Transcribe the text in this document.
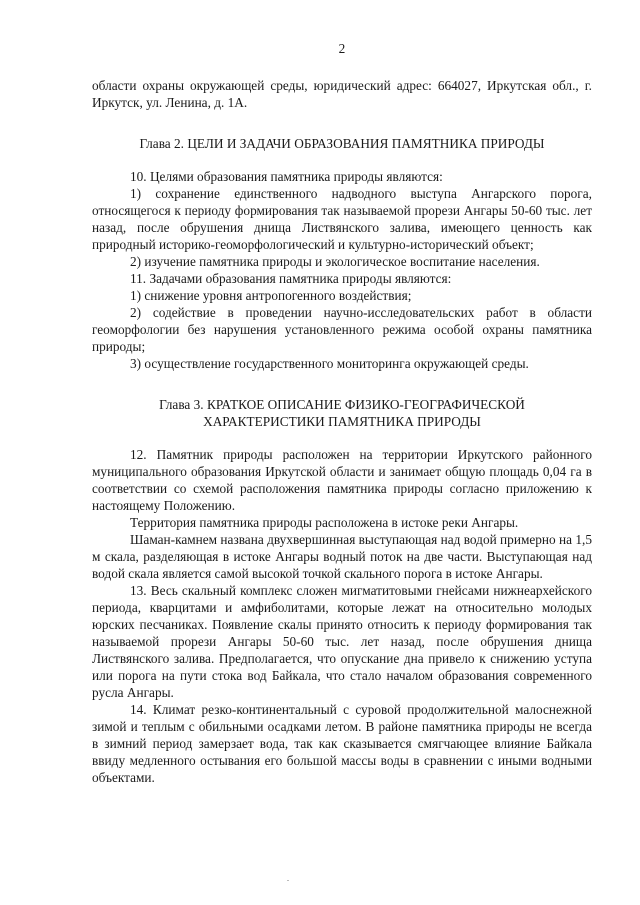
2

области охраны окружающей среды, юридический адрес: 664027, Иркутская обл., г. Иркутск, ул. Ленина, д. 1А.

Глава 2. ЦЕЛИ И ЗАДАЧИ ОБРАЗОВАНИЯ ПАМЯТНИКА ПРИРОДЫ

10. Целями образования памятника природы являются:

1) сохранение единственного надводного выступа Ангарского порога, относящегося к периоду формирования так называемой прорези Ангары 50-60 тыс. лет назад, после обрушения днища Листвянского залива, имеющего ценность как природный историко-геоморфологический и культурно-исторический объект;

2) изучение памятника природы и экологическое воспитание населения.

11. Задачами образования памятника природы являются:

1) снижение уровня антропогенного воздействия;

2) содействие в проведении научно-исследовательских работ в области геоморфологии без нарушения установленного режима особой охраны памятника природы;

3) осуществление государственного мониторинга окружающей среды.

Глава 3. КРАТКОЕ ОПИСАНИЕ ФИЗИКО-ГЕОГРАФИЧЕСКОЙ
ХАРАКТЕРИСТИКИ ПАМЯТНИКА ПРИРОДЫ

12. Памятник природы расположен на территории Иркутского районного муниципального образования Иркутской области и занимает общую площадь 0,04 га в соответствии со схемой расположения памятника природы согласно приложению к настоящему Положению.

Территория памятника природы расположена в истоке реки Ангары.

Шаман-камнем названа двухвершинная выступающая над водой примерно на 1,5 м скала, разделяющая в истоке Ангары водный поток на две части. Выступающая над водой скала является самой высокой точкой скального порога в истоке Ангары.

13. Весь скальный комплекс сложен мигматитовыми гнейсами нижнеархейского периода, кварцитами и амфиболитами, которые лежат на относительно молодых юрских песчаниках. Появление скалы принято относить к периоду формирования так называемой прорези Ангары 50-60 тыс. лет назад, после обрушения днища Листвянского залива. Предполагается, что опускание дна привело к снижению уступа или порога на пути стока вод Байкала, что стало началом образования современного русла Ангары.

14. Климат резко-континентальный с суровой продолжительной малоснежной зимой и теплым с обильными осадками летом. В районе памятника природы не всегда в зимний период замерзает вода, так как сказывается смягчающее влияние Байкала ввиду медленного остывания его большой массы воды в сравнении с иными водными объектами.
